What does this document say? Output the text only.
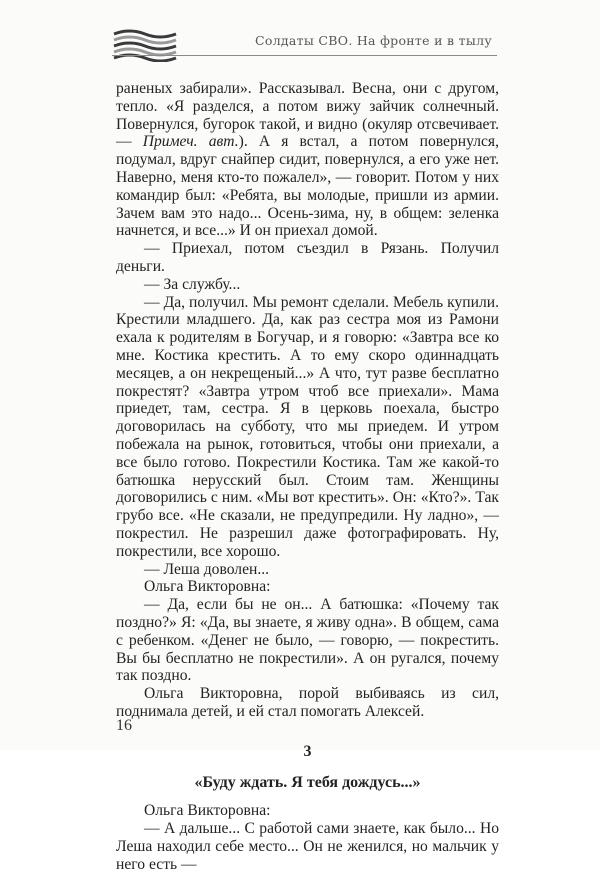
Солдаты СВО. На фронте и в тылу

раненых забирали». Рассказывал. Весна, они с другом, тепло. «Я разделся, а потом вижу зайчик солнечный. Повернулся, бугорок такой, и видно (окуляр отсвечивает. — Примеч. авт.). А я встал, а потом повернулся, подумал, вдруг снайпер сидит, повернулся, а его уже нет. Наверно, меня кто-то пожалел», — говорит. Потом у них командир был: «Ребята, вы молодые, пришли из армии. Зачем вам это надо... Осень-зима, ну, в общем: зеленка начнется, и все...» И он приехал домой.

— Приехал, потом съездил в Рязань. Получил деньги.

— За службу...

— Да, получил. Мы ремонт сделали. Мебель купили. Крестили младшего. Да, как раз сестра моя из Рамони ехала к родителям в Богучар, и я говорю: «Завтра все ко мне. Костика крестить. А то ему скоро одиннадцать месяцев, а он некрещеный...» А что, тут разве бесплатно покрестят? «Завтра утром чтоб все приехали». Мама приедет, там, сестра. Я в церковь поехала, быстро договорилась на субботу, что мы приедем. И утром побежала на рынок, готовиться, чтобы они приехали, а все было готово. Покрестили Костика. Там же какой-то батюшка нерусский был. Стоим там. Женщины договорились с ним. «Мы вот крестить». Он: «Кто?». Так грубо все. «Не сказали, не предупредили. Ну ладно», — покрестил. Не разрешил даже фотографировать. Ну, покрестили, все хорошо.

— Леша доволен...

Ольга Викторовна:

— Да, если бы не он... А батюшка: «Почему так поздно?» Я: «Да, вы знаете, я живу одна». В общем, сама с ребенком. «Денег не было, — говорю, — покрестить. Вы бы бесплатно не покрестили». А он ругался, почему так поздно.

Ольга Викторовна, порой выбиваясь из сил, поднимала детей, и ей стал помогать Алексей.

3

«Буду ждать. Я тебя дождусь...»

Ольга Викторовна:

— А дальше... С работой сами знаете, как было... Но Леша находил себе место... Он не женился, но мальчик у него есть —

16
